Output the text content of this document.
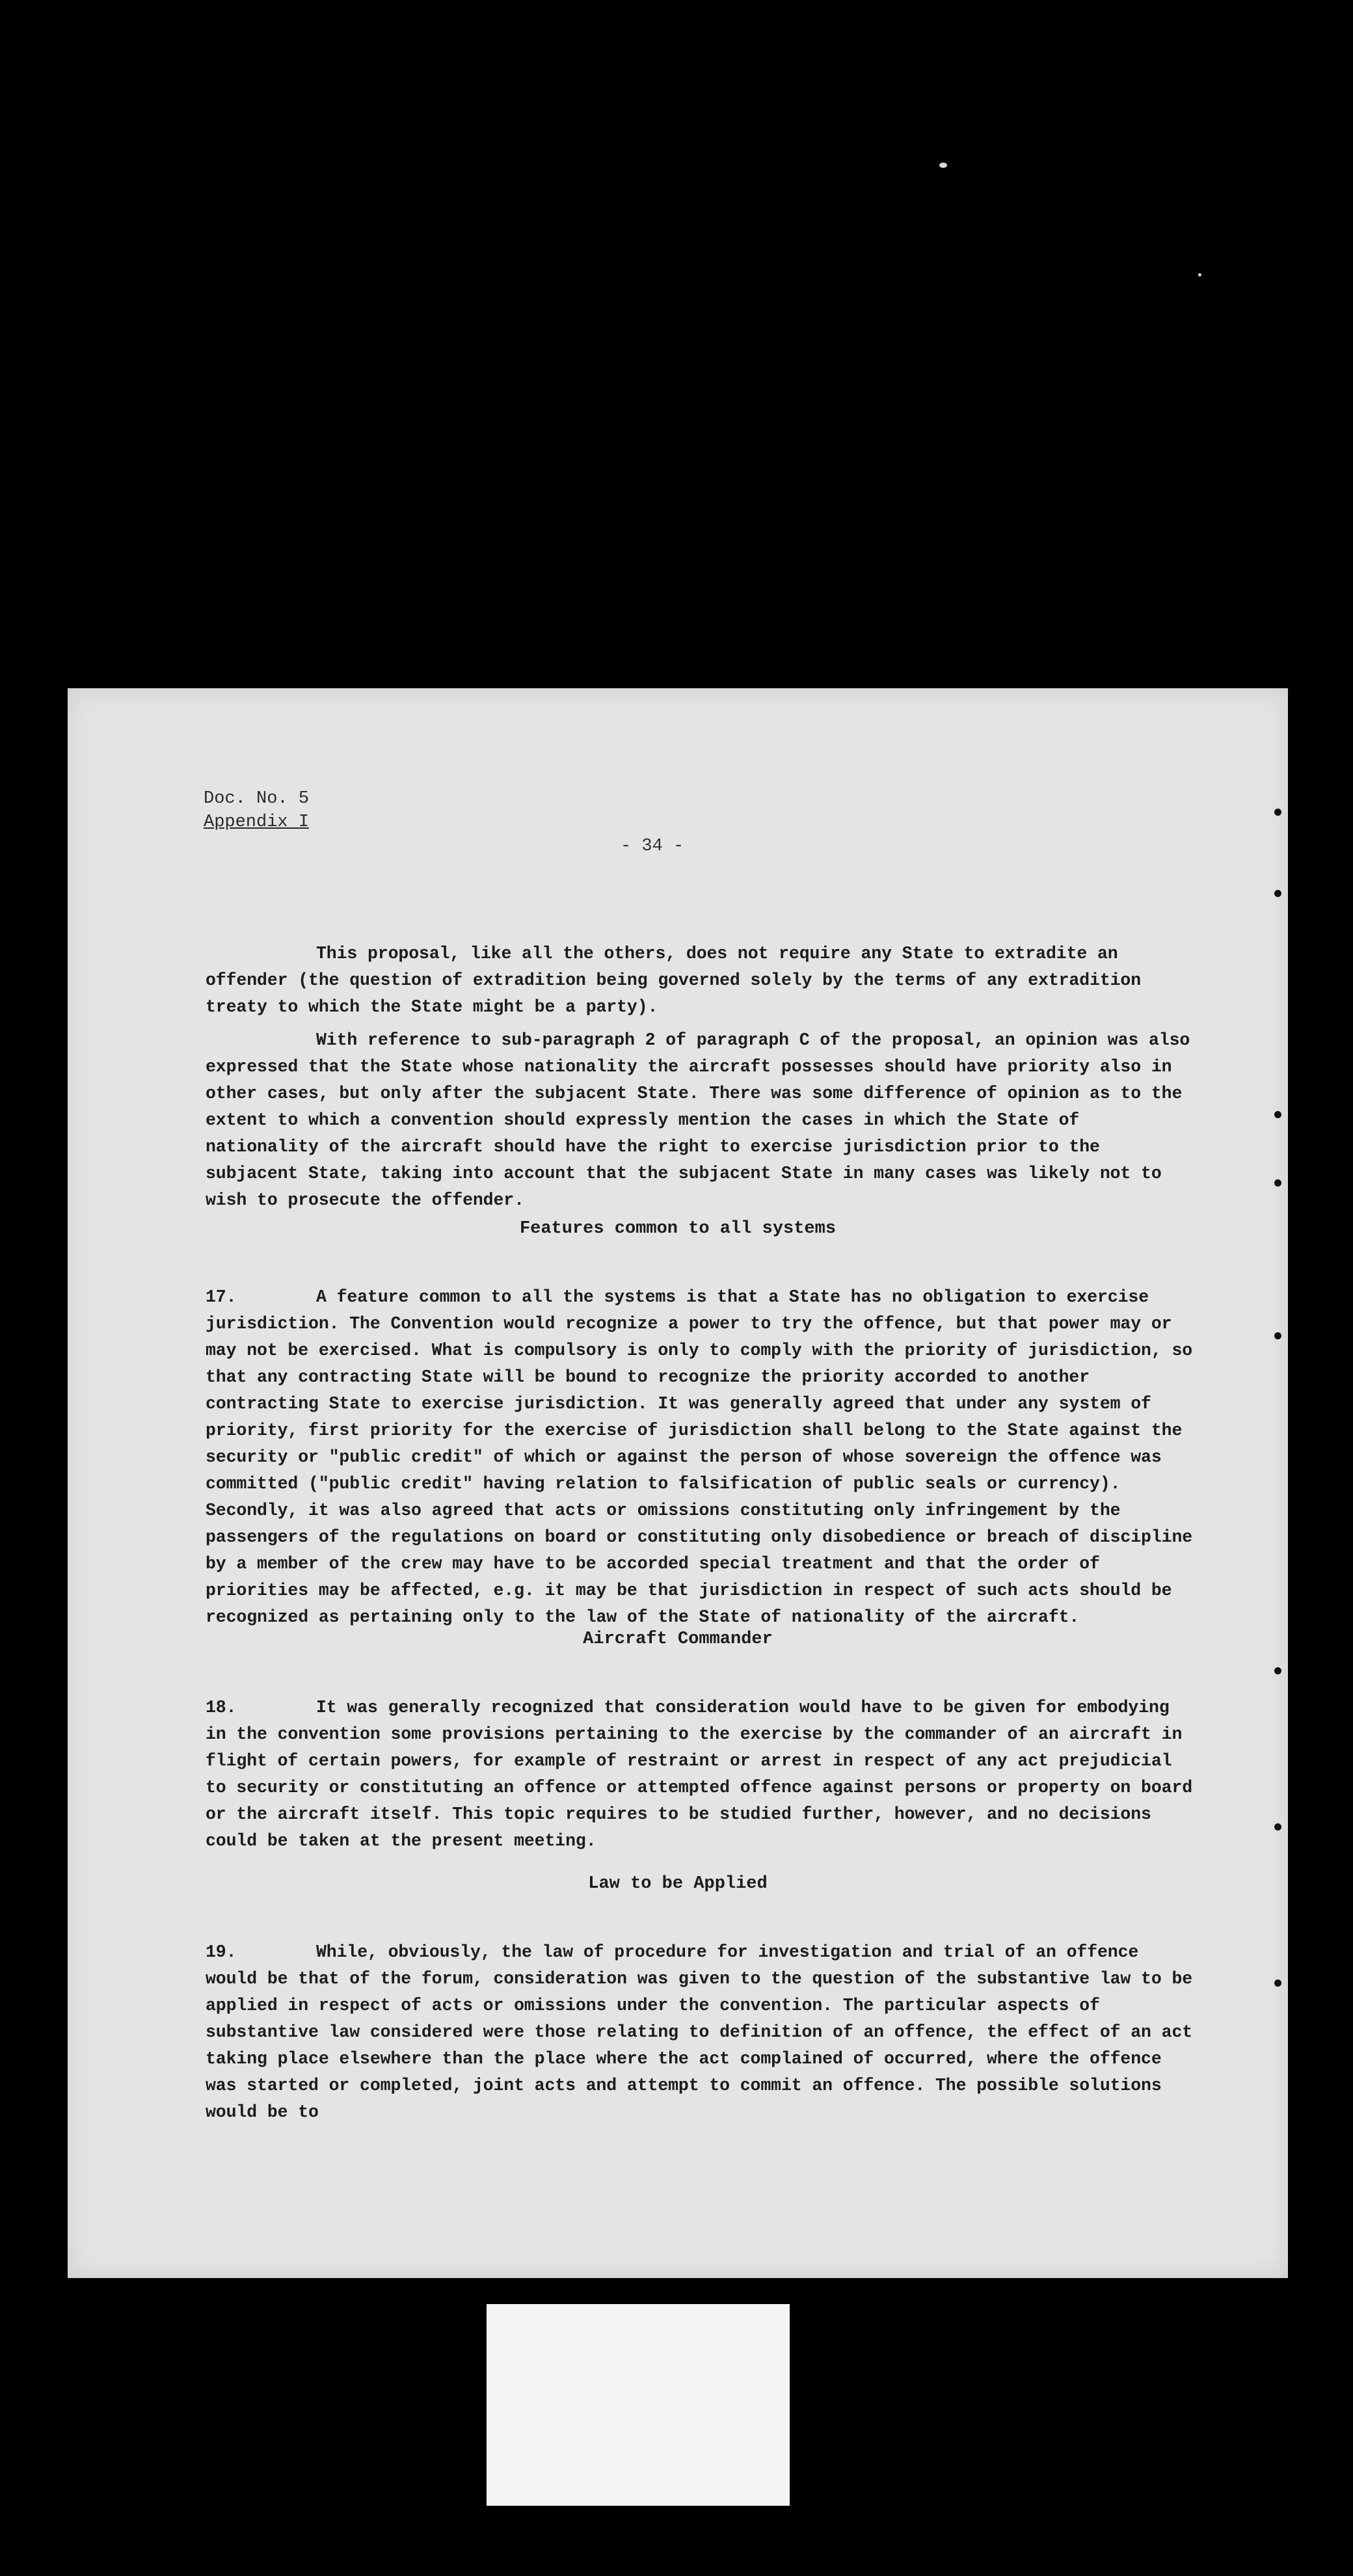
Doc. No. 5
Appendix I
- 34 -

This proposal, like all the others, does not require any State to extradite an offender (the question of extradition being governed solely by the terms of any extradition treaty to which the State might be a party).

With reference to sub-paragraph 2 of paragraph C of the proposal, an opinion was also expressed that the State whose nationality the aircraft possesses should have priority also in other cases, but only after the subjacent State. There was some difference of opinion as to the extent to which a convention should expressly mention the cases in which the State of nationality of the aircraft should have the right to exercise jurisdiction prior to the subjacent State, taking into account that the subjacent State in many cases was likely not to wish to prosecute the offender.

Features common to all systems

17.	A feature common to all the systems is that a State has no obligation to exercise jurisdiction. The Convention would recognize a power to try the offence, but that power may or may not be exercised. What is compulsory is only to comply with the priority of jurisdiction, so that any contracting State will be bound to recognize the priority accorded to another contracting State to exercise jurisdiction. It was generally agreed that under any system of priority, first priority for the exercise of jurisdiction shall belong to the State against the security or "public credit" of which or against the person of whose sovereign the offence was committed ("public credit" having relation to falsification of public seals or currency). Secondly, it was also agreed that acts or omissions constituting only infringement by the passengers of the regulations on board or constituting only disobedience or breach of discipline by a member of the crew may have to be accorded special treatment and that the order of priorities may be affected, e.g. it may be that jurisdiction in respect of such acts should be recognized as pertaining only to the law of the State of nationality of the aircraft.

Aircraft Commander

18.	It was generally recognized that consideration would have to be given for embodying in the convention some provisions pertaining to the exercise by the commander of an aircraft in flight of certain powers, for example of restraint or arrest in respect of any act prejudicial to security or constituting an offence or attempted offence against persons or property on board or the aircraft itself. This topic requires to be studied further, however, and no decisions could be taken at the present meeting.

Law to be Applied

19.	While, obviously, the law of procedure for investigation and trial of an offence would be that of the forum, consideration was given to the question of the substantive law to be applied in respect of acts or omissions under the convention. The particular aspects of substantive law considered were those relating to definition of an offence, the effect of an act taking place elsewhere than the place where the act complained of occurred, where the offence was started or completed, joint acts and attempt to commit an offence. The possible solutions would be to
